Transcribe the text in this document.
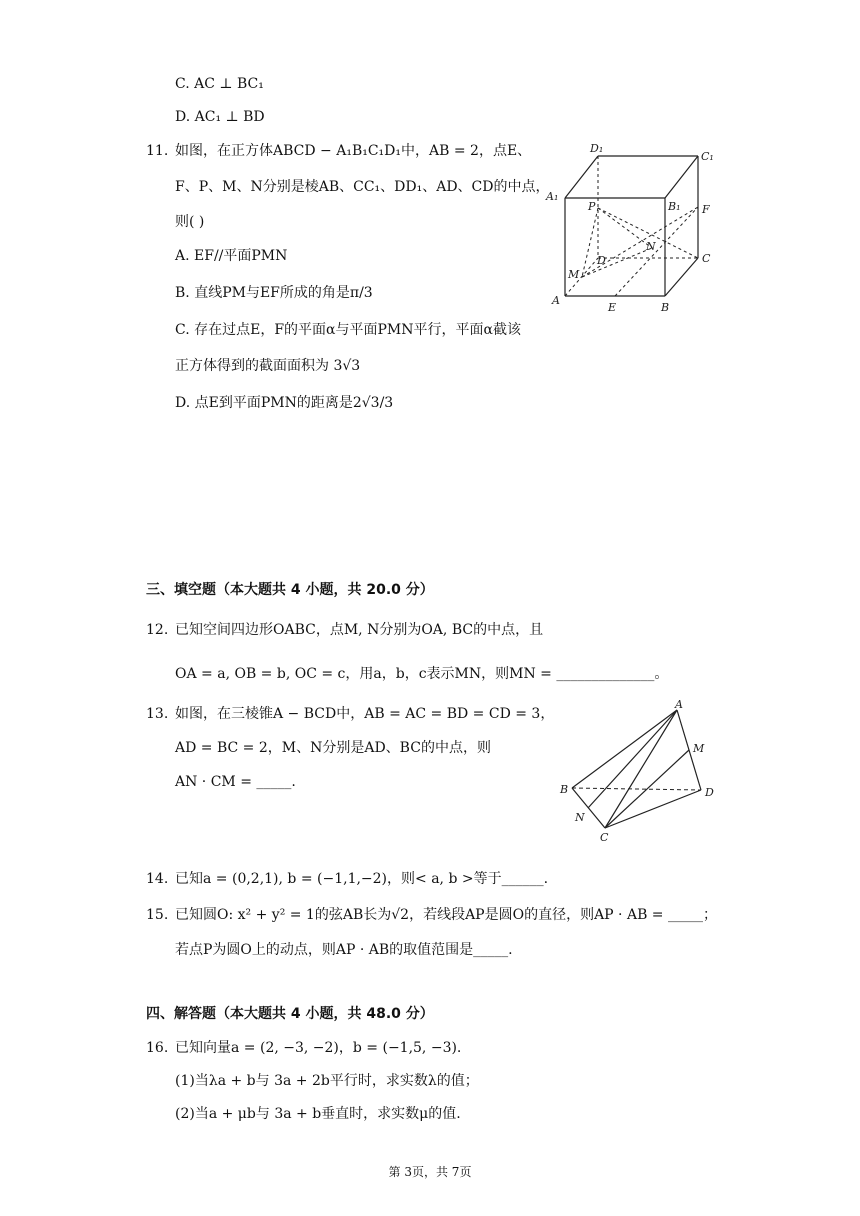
C. AC ⊥ BC₁
D. AC₁ ⊥ BD
11. 如图，在正方体ABCD − A₁B₁C₁D₁中，AB = 2，点E、
F、P、M、N分别是棱AB、CC₁、DD₁、AD、CD的中点，
则( )
A. EF//平面PMN
B. 直线PM与EF所成的角是π/3
C. 存在过点E，F的平面α与平面PMN平行，平面α截该
正方体得到的截面面积为 3√3
D. 点E到平面PMN的距离是2√3/3
D₁
C₁
A₁
B₁
P	F
N
D	C
M
A
E	B
三、填空题（本大题共 4 小题，共 20.0 分）
12. 已知空间四边形OABC，点M, N分别为OA, BC的中点，且
OA = a, OB = b, OC = c，用a，b，c表示MN，则MN = ______________。
13. 如图，在三棱锥A − BCD中，AB = AC = BD = CD = 3，
AD = BC = 2，M、N分别是AD、BC的中点，则
AN · CM = _____.
A
M
B	D
N
C
14. 已知a = (0,2,1), b = (−1,1,−2)，则< a, b >等于______.
15. 已知圆O: x² + y² = 1的弦AB长为√2，若线段AP是圆O的直径，则AP · AB = _____；
若点P为圆O上的动点，则AP · AB的取值范围是_____.
四、解答题（本大题共 4 小题，共 48.0 分）
16. 已知向量a = (2, −3, −2)，b = (−1,5, −3).
(1)当λa + b与 3a + 2b平行时，求实数λ的值；
(2)当a + μb与 3a + b垂直时，求实数μ的值.
第 3页，共 7页
